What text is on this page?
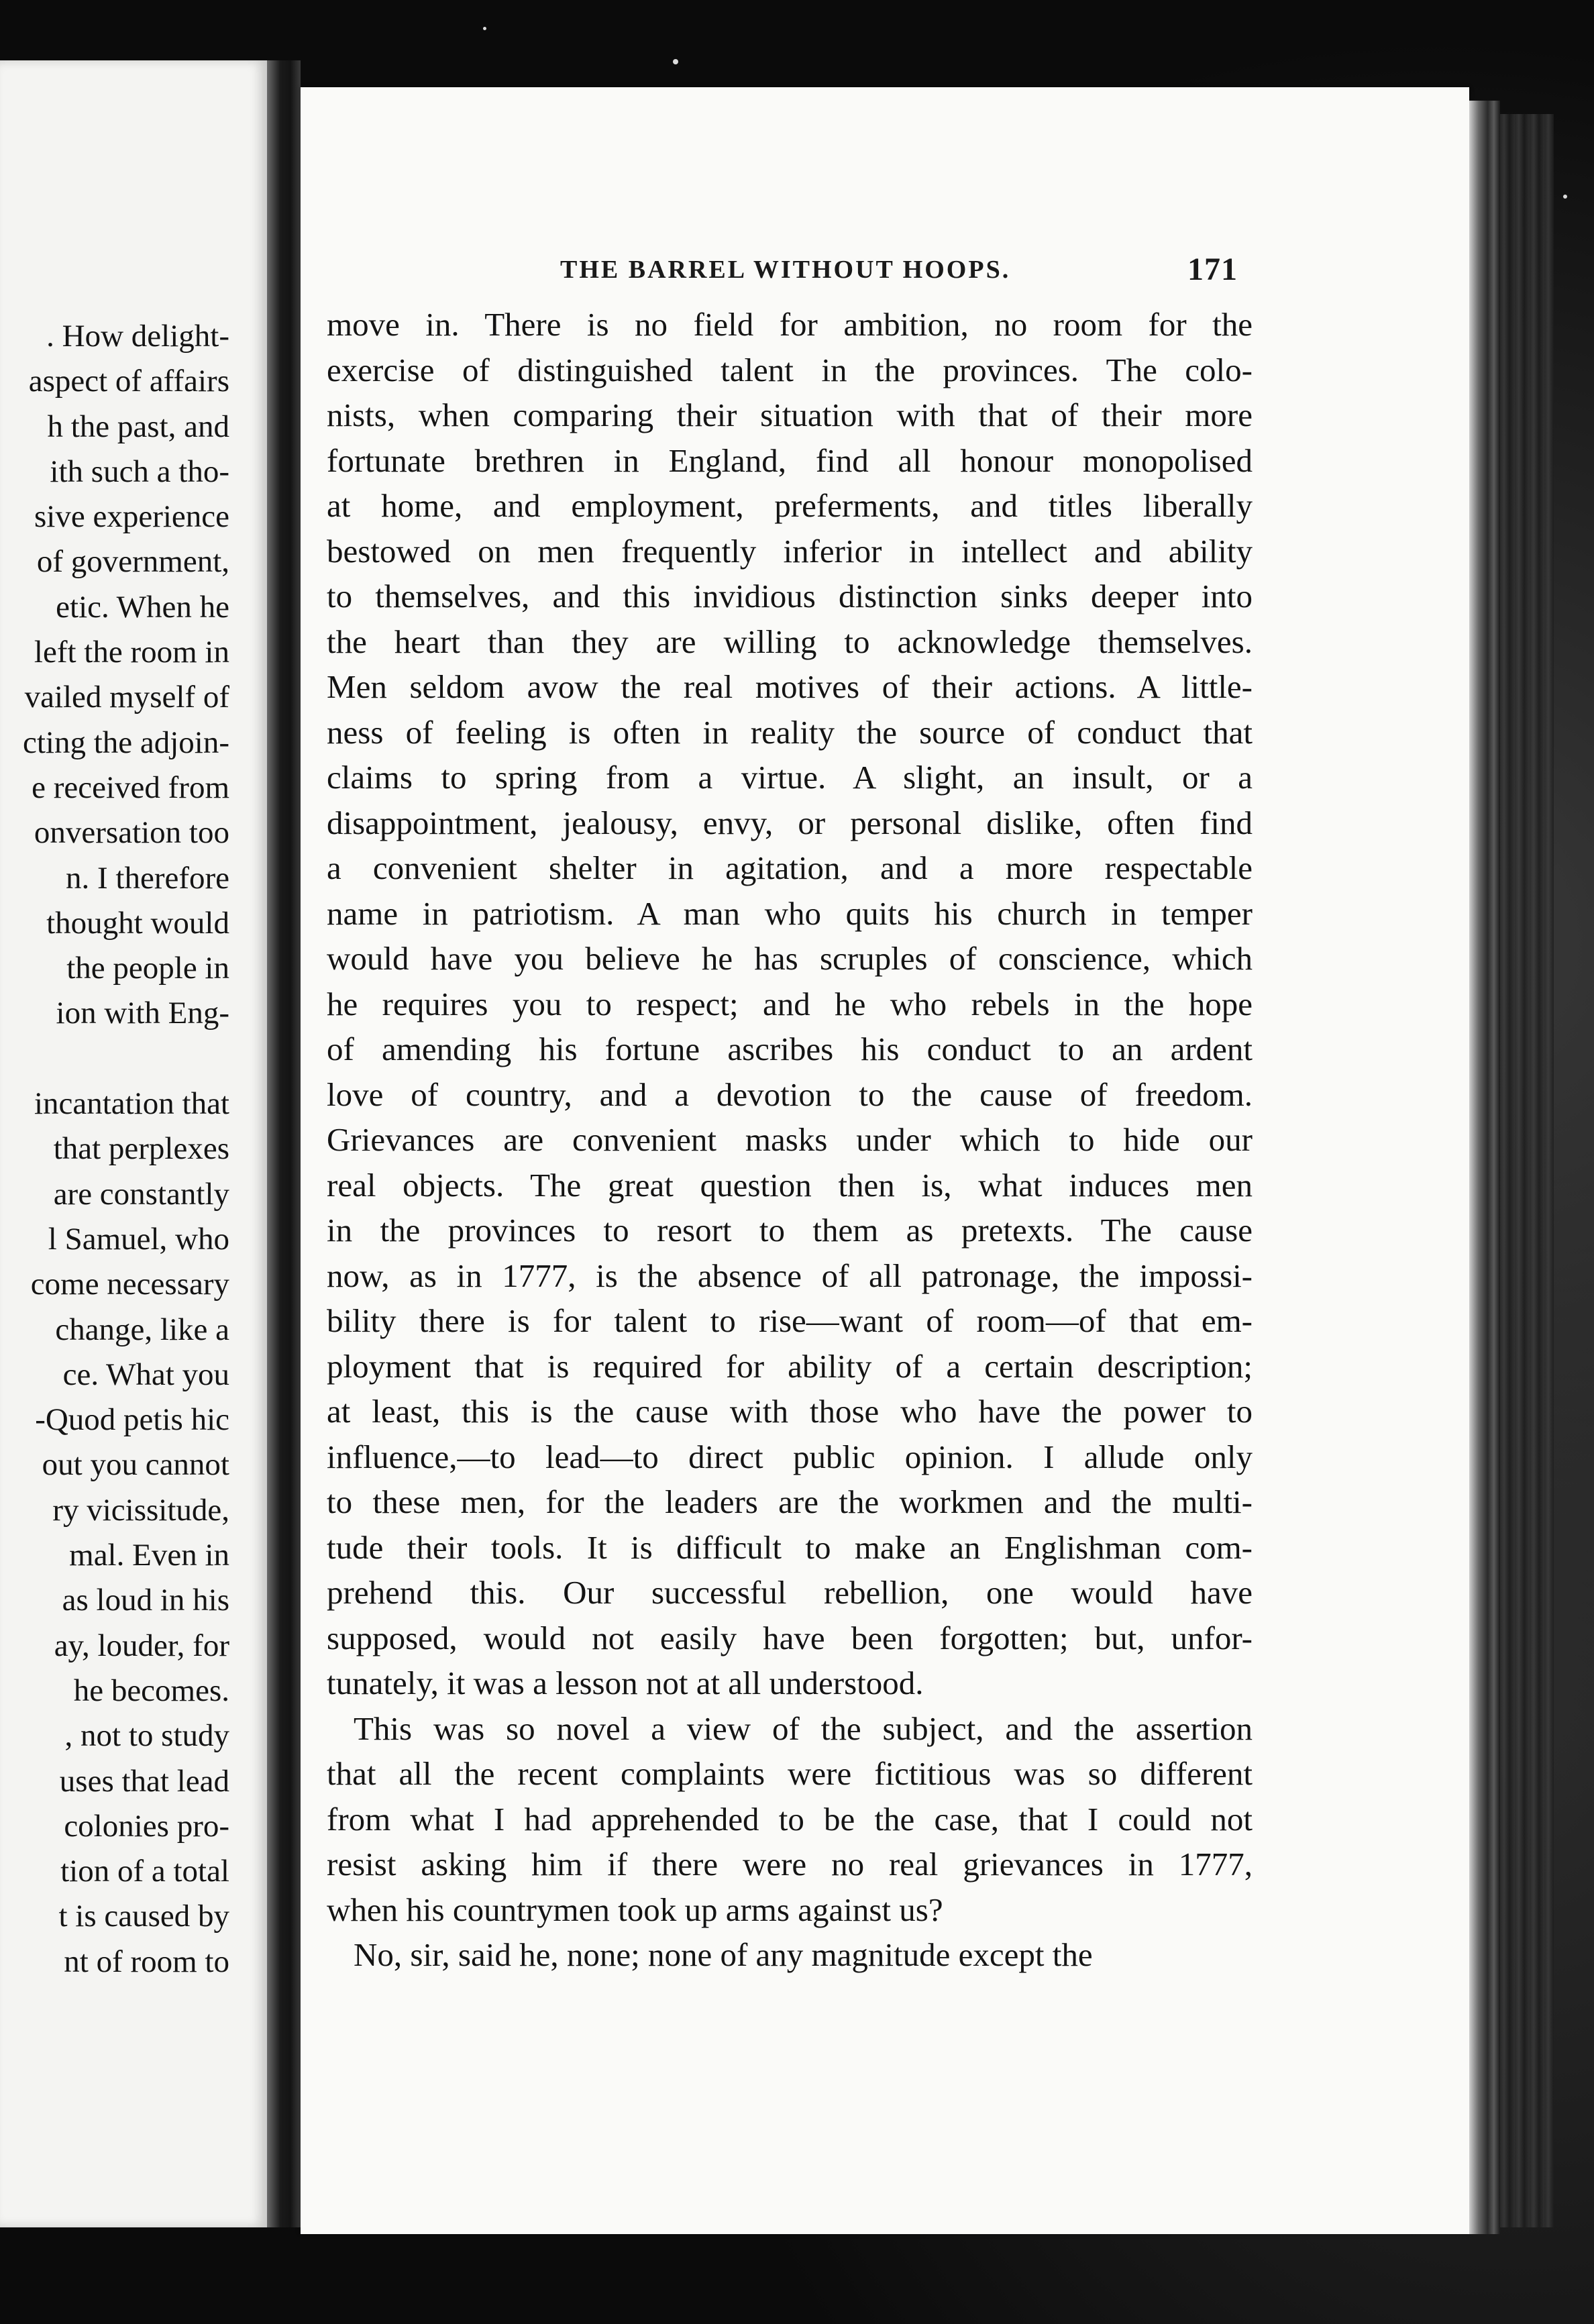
. How delight-
aspect of affairs
h the past, and
ith such a tho-
sive experience
of government,
etic. When he
left the room in
vailed myself of
cting the adjoin-
e received from
onversation too
n. I therefore
thought would
the people in
ion with Eng-
incantation that
that perplexes
are constantly
l Samuel, who
come necessary
change, like a
ce. What you
-Quod petis hic
out you cannot
ry vicissitude,
mal. Even in
as loud in his
ay, louder, for
he becomes.
, not to study
uses that lead
colonies pro-
tion of a total
t is caused by
nt of room to
THE BARREL WITHOUT HOOPS.	171
move in. There is no field for ambition, no room for the
exercise of distinguished talent in the provinces. The colo-
nists, when comparing their situation with that of their more
fortunate brethren in England, find all honour monopolised
at home, and employment, preferments, and titles liberally
bestowed on men frequently inferior in intellect and ability
to themselves, and this invidious distinction sinks deeper into
the heart than they are willing to acknowledge themselves.
Men seldom avow the real motives of their actions. A little-
ness of feeling is often in reality the source of conduct that
claims to spring from a virtue. A slight, an insult, or a
disappointment, jealousy, envy, or personal dislike, often find
a convenient shelter in agitation, and a more respectable
name in patriotism. A man who quits his church in temper
would have you believe he has scruples of conscience, which
he requires you to respect; and he who rebels in the hope
of amending his fortune ascribes his conduct to an ardent
love of country, and a devotion to the cause of freedom.
Grievances are convenient masks under which to hide our
real objects. The great question then is, what induces men
in the provinces to resort to them as pretexts. The cause
now, as in 1777, is the absence of all patronage, the impossi-
bility there is for talent to rise—want of room—of that em-
ployment that is required for ability of a certain description;
at least, this is the cause with those who have the power to
influence,—to lead—to direct public opinion. I allude only
to these men, for the leaders are the workmen and the multi-
tude their tools. It is difficult to make an Englishman com-
prehend this. Our successful rebellion, one would have
supposed, would not easily have been forgotten; but, unfor-
tunately, it was a lesson not at all understood.
This was so novel a view of the subject, and the assertion
that all the recent complaints were fictitious was so different
from what I had apprehended to be the case, that I could not
resist asking him if there were no real grievances in 1777,
when his countrymen took up arms against us?
No, sir, said he, none; none of any magnitude except the
